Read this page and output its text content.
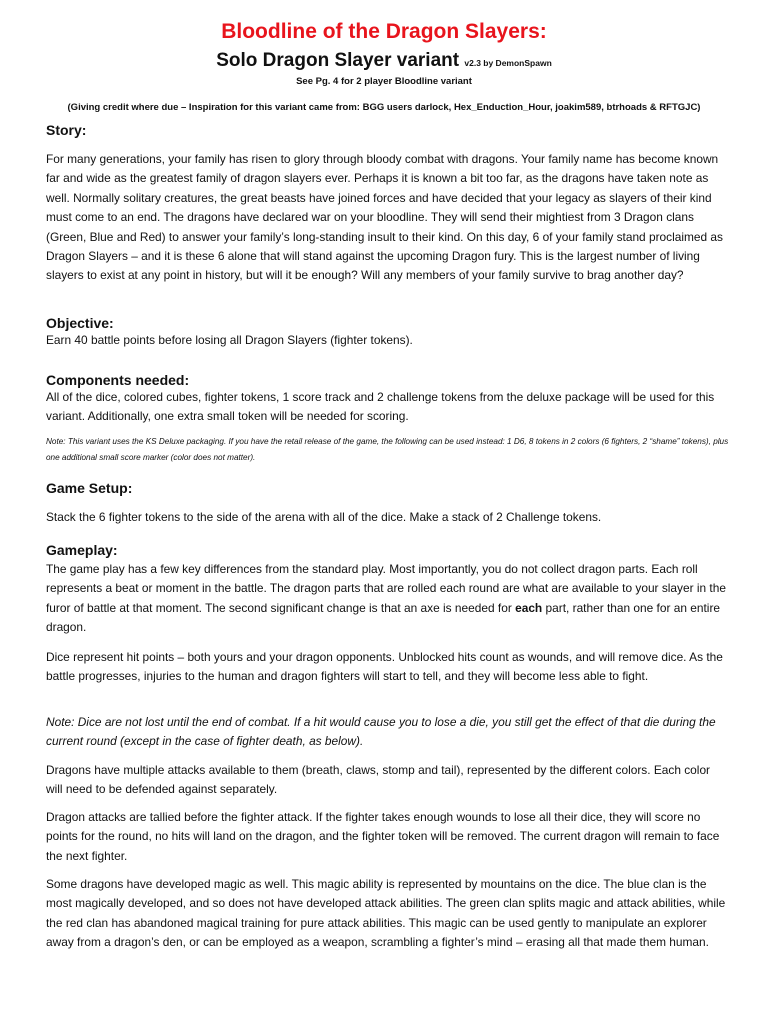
Bloodline of the Dragon Slayers:
Solo Dragon Slayer variant v2.3 by DemonSpawn
See Pg. 4 for 2 player Bloodline variant
(Giving credit where due – Inspiration for this variant came from: BGG users darlock, Hex_Enduction_Hour, joakim589, btrhoads & RFTGJC)
Story:

For many generations, your family has risen to glory through bloody combat with dragons. Your family name has become known far and wide as the greatest family of dragon slayers ever. Perhaps it is known a bit too far, as the dragons have taken note as well. Normally solitary creatures, the great beasts have joined forces and have decided that your legacy as slayers of their kind must come to an end. The dragons have declared war on your bloodline. They will send their mightiest from 3 Dragon clans (Green, Blue and Red) to answer your family’s long-standing insult to their kind. On this day, 6 of your family stand proclaimed as Dragon Slayers – and it is these 6 alone that will stand against the upcoming Dragon fury. This is the largest number of living slayers to exist at any point in history, but will it be enough? Will any members of your family survive to brag another day?

Objective:

Earn 40 battle points before losing all Dragon Slayers (fighter tokens).

Components needed:

All of the dice, colored cubes, fighter tokens, 1 score track and 2 challenge tokens from the deluxe package will be used for this variant. Additionally, one extra small token will be needed for scoring.

Note: This variant uses the KS Deluxe packaging. If you have the retail release of the game, the following can be used instead: 1 D6, 8 tokens in 2 colors (6 fighters, 2 “shame” tokens), plus one additional small score marker (color does not matter).

Game Setup:

Stack the 6 fighter tokens to the side of the arena with all of the dice. Make a stack of 2 Challenge tokens.

Gameplay:

The game play has a few key differences from the standard play. Most importantly, you do not collect dragon parts. Each roll represents a beat or moment in the battle. The dragon parts that are rolled each round are what are available to your slayer in the furor of battle at that moment. The second significant change is that an axe is needed for each part, rather than one for an entire dragon.

Dice represent hit points – both yours and your dragon opponents. Unblocked hits count as wounds, and will remove dice. As the battle progresses, injuries to the human and dragon fighters will start to tell, and they will become less able to fight.

Note: Dice are not lost until the end of combat. If a hit would cause you to lose a die, you still get the effect of that die during the current round (except in the case of fighter death, as below).

Dragons have multiple attacks available to them (breath, claws, stomp and tail), represented by the different colors. Each color will need to be defended against separately.

Dragon attacks are tallied before the fighter attack. If the fighter takes enough wounds to lose all their dice, they will score no points for the round, no hits will land on the dragon, and the fighter token will be removed. The current dragon will remain to face the next fighter.

Some dragons have developed magic as well. This magic ability is represented by mountains on the dice. The blue clan is the most magically developed, and so does not have developed attack abilities. The green clan splits magic and attack abilities, while the red clan has abandoned magical training for pure attack abilities. This magic can be used gently to manipulate an explorer away from a dragon’s den, or can be employed as a weapon, scrambling a fighter’s mind – erasing all that made them human.
